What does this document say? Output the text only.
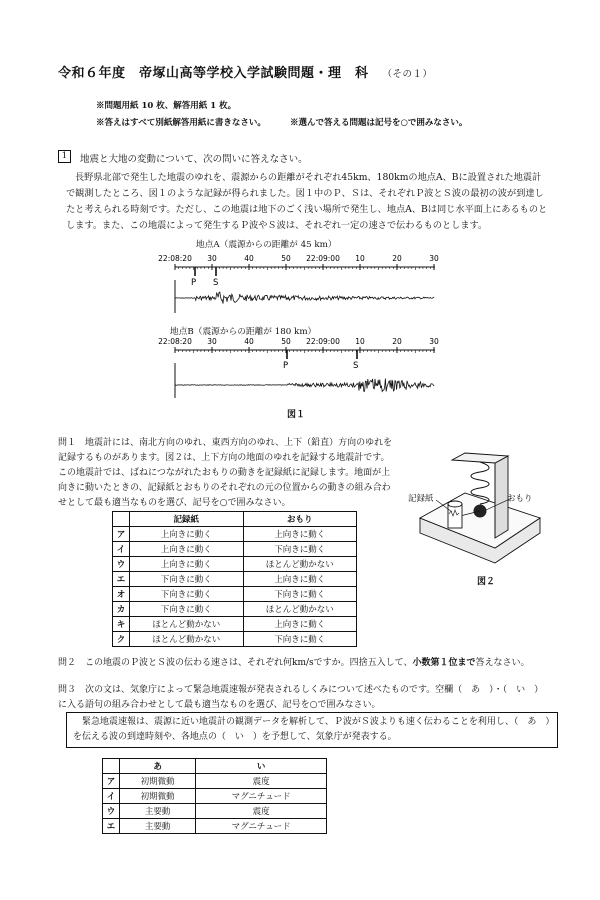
令和６年度　帝塚山高等学校入学試験問題・理　科 （その１）
※問題用紙 10 枚、解答用紙 1 枚。
※答えはすべて別紙解答用紙に書きなさい。	※選んで答える問題は記号を○で囲みなさい。
1	地震と大地の変動について、次の問いに答えなさい。
長野県北部で発生した地震のゆれを、震源からの距離がそれぞれ45km、180kmの地点A、Bに設置された地震計で観測したところ、図１のような記録が得られました。図１中のＰ、Ｓは、それぞれＰ波とＳ波の最初の波が到達したと考えられる時刻です。ただし、この地震は地下のごく浅い場所で発生し、地点A、Bは同じ水平面上にあるものとします。また、この地震によって発生するＰ波やＳ波は、それぞれ一定の速さで伝わるものとします。
地点A（震源からの距離が 45 km）
地点B（震源からの距離が 180 km）
22:08:20 30	40	50 22:09:00 10	20	30
P S
22:08:20 30	40	50 22:09:00 10	20	30
P	S
図１
問１　 地震計には、南北方向のゆれ、東西方向のゆれ、上下（鉛直）方向のゆれを記録するものがあります。図２は、上下方向の地面のゆれを記録する地震計です。この地震計では、ばねにつながれたおもりの動きを記録紙に記録します。地面が上向きに動いたときの、記録紙とおもりのそれぞれの元の位置からの動きの組み合わせとして最も適当なものを選び、記号を○で囲みなさい。
	記録紙	おもり
ア	上向きに動く	上向きに動く
イ	上向きに動く	下向きに動く
ウ	上向きに動く	ほとんど動かない
エ	下向きに動く	上向きに動く
オ	下向きに動く	下向きに動く
カ	下向きに動く	ほとんど動かない
キ	ほとんど動かない	上向きに動く
ク	ほとんど動かない	下向きに動く
記録紙	おもり
図２
問２　 この地震のＰ波とＳ波の伝わる速さは、それぞれ何km/sですか。四捨五入して、小数第１位まで答えなさい。
問３　 次の文は、気象庁によって緊急地震速報が発表されるしくみについて述べたものです。空欄（　あ　）・（　い　）に入る語句の組み合わせとして最も適当なものを選び、記号を○で囲みなさい。
緊急地震速報は、震源に近い地震計の観測データを解析して、Ｐ波がＳ波よりも速く伝わることを利用し、（　あ　）を伝える波の到達時刻や、各地点の（　い　）を予想して、気象庁が発表する。
	あ	い
ア	初期微動	震度
イ	初期微動	マグニチュード
ウ	主要動	震度
エ	主要動	マグニチュード
